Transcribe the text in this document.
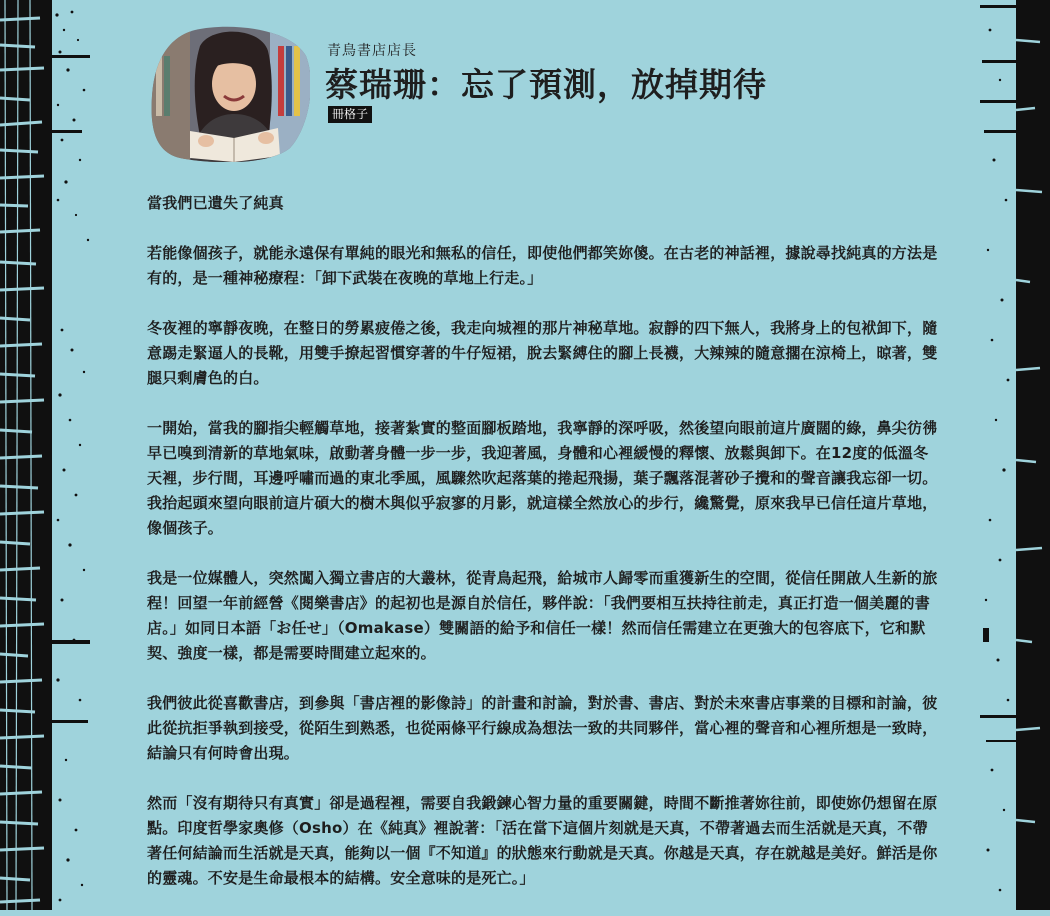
青鳥書店店長
蔡瑞珊：忘了預測，放掉期待
冊格子

當我們已遺失了純真

若能像個孩子，就能永遠保有單純的眼光和無私的信任，即使他們都笑妳傻。在古老的神話裡，據說尋找純真的方法是有的，是一種神秘療程：「卸下武裝在夜晚的草地上行走。」

冬夜裡的寧靜夜晚，在整日的勞累疲倦之後，我走向城裡的那片神秘草地。寂靜的四下無人，我將身上的包袱卸下，隨意踢走緊逼人的長靴，用雙手撩起習慣穿著的牛仔短裙，脫去緊縛住的腳上長襪，大辣辣的隨意擱在涼椅上，晾著，雙腿只剩膚色的白。

一開始，當我的腳指尖輕觸草地，接著紮實的整面腳板踏地，我寧靜的深呼吸，然後望向眼前這片廣闊的綠，鼻尖彷彿早已嗅到清新的草地氣味，啟動著身體一步一步，我迎著風，身體和心裡緩慢的釋懷、放鬆與卸下。在12度的低溫冬天裡，步行間，耳邊呼嘯而過的東北季風，風驟然吹起落葉的捲起飛揚，葉子飄落混著砂子攪和的聲音讓我忘卻一切。我抬起頭來望向眼前這片碩大的樹木與似乎寂寥的月影，就這樣全然放心的步行，纔驚覺，原來我早已信任這片草地，像個孩子。

我是一位媒體人，突然闖入獨立書店的大叢林，從青鳥起飛，給城市人歸零而重獲新生的空間，從信任開啟人生新的旅程！回望一年前經營《閱樂書店》的起初也是源自於信任，夥伴說：「我們要相互扶持往前走，真正打造一個美麗的書店。」如同日本語「お任せ」（Omakase）雙關語的給予和信任一樣！然而信任需建立在更強大的包容底下，它和默契、強度一樣，都是需要時間建立起來的。

我們彼此從喜歡書店，到參與「書店裡的影像詩」的計畫和討論，對於書、書店、對於未來書店事業的目標和討論，彼此從抗拒爭執到接受，從陌生到熟悉，也從兩條平行線成為想法一致的共同夥伴，當心裡的聲音和心裡所想是一致時，結論只有何時會出現。

然而「沒有期待只有真實」卻是過程裡，需要自我鍛鍊心智力量的重要關鍵，時間不斷推著妳往前，即使妳仍想留在原點。印度哲學家奧修（Osho）在《純真》裡說著：「活在當下這個片刻就是天真，不帶著過去而生活就是天真，不帶著任何結論而生活就是天真，能夠以一個『不知道』的狀態來行動就是天真。你越是天真，存在就越是美好。鮮活是你的靈魂。不安是生命最根本的結構。安全意味的是死亡。」
